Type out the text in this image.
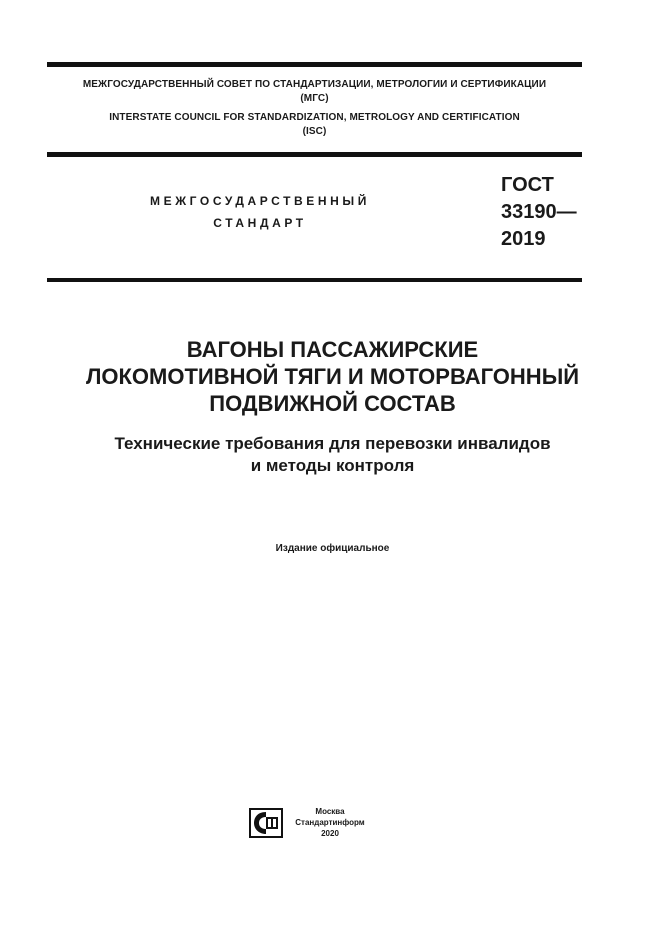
МЕЖГОСУДАРСТВЕННЫЙ СОВЕТ ПО СТАНДАРТИЗАЦИИ, МЕТРОЛОГИИ И СЕРТИФИКАЦИИ
(МГС)
INTERSTATE COUNCIL FOR STANDARDIZATION, METROLOGY AND CERTIFICATION
(ISC)
МЕЖГОСУДАРСТВЕННЫЙ
СТАНДАРТ
ГОСТ
33190—
2019
ВАГОНЫ ПАССАЖИРСКИЕ
ЛОКОМОТИВНОЙ ТЯГИ И МОТОРВАГОННЫЙ
ПОДВИЖНОЙ СОСТАВ
Технические требования для перевозки инвалидов
и методы контроля
Издание официальное
Москва
Стандартинформ
2020
